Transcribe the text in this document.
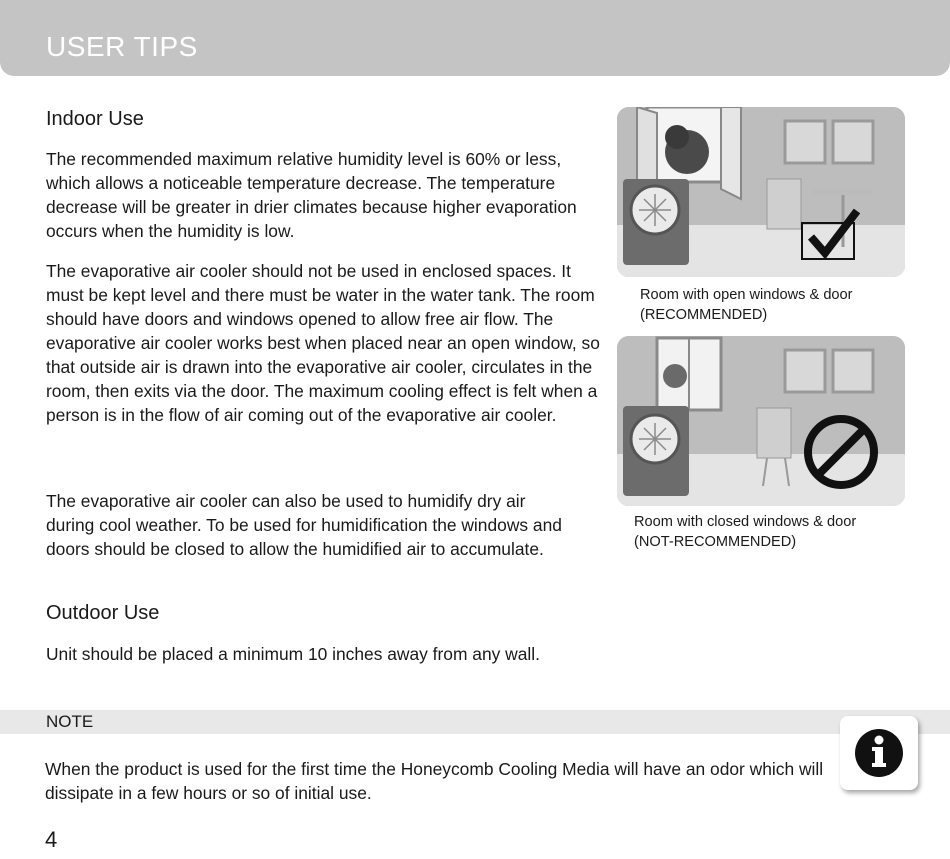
USER TIPS
Indoor Use

The recommended maximum relative humidity level is 60% or less, which allows a noticeable temperature decrease. The temperature decrease will be greater in drier climates because higher evaporation occurs when the humidity is low.

The evaporative air cooler should not be used in enclosed spaces. It must be kept level and there must be water in the water tank. The room should have doors and windows opened to allow free air flow. The evaporative air cooler works best when placed near an open window, so that outside air is drawn into the evaporative air cooler, circulates in the room, then exits via the door. The maximum cooling effect is felt when a person is in the flow of air coming out of the evaporative air cooler.

The evaporative air cooler can also be used to humidify dry air during cool weather. To be used for humidification the windows and doors should be closed to allow the humidified air to accumulate.

Outdoor Use

Unit should be placed a minimum 10 inches away from any wall.

Room with open windows & door
(RECOMMENDED)
Room with closed windows & door
(NOT-RECOMMENDED)
NOTE

When the product is used for the first time the Honeycomb Cooling Media will have an odor which will dissipate in a few hours or so of initial use.

4
